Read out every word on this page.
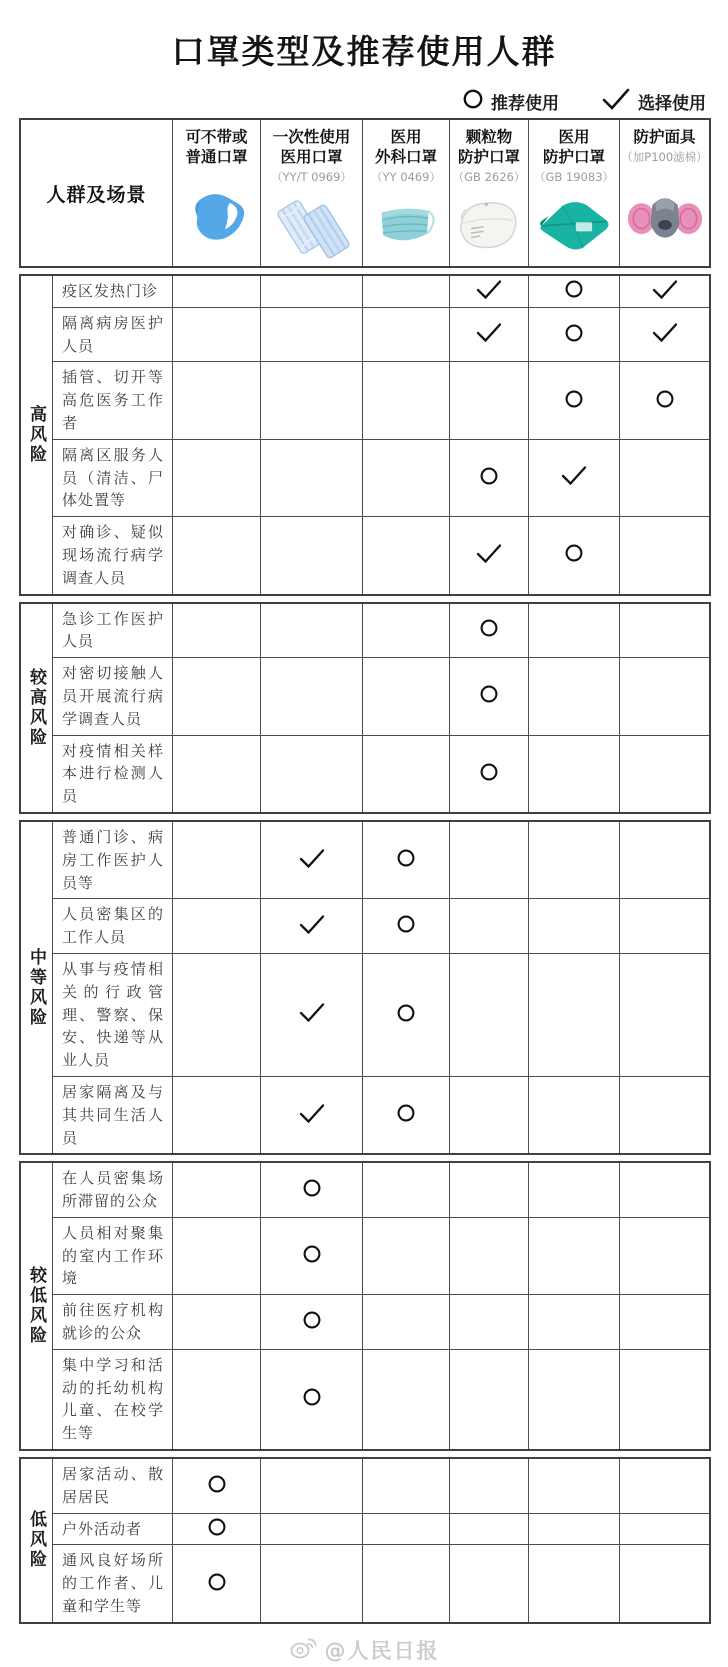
口罩类型及推荐使用人群
推荐使用	选择使用
人群及场景
可不带或
普通口罩
一次性使用
医用口罩
（YY/T 0969）
医用
外科口罩
（YY 0469）
颗粒物
防护口罩
（GB 2626）
医用
防护口罩
（GB 19083）
防护面具
（加P100滤棉）
高风险
疫区发热门诊
隔离病房医护人员
插管、切开等高危医务工作者
隔离区服务人员（清洁、尸体处置等
对确诊、疑似现场流行病学调查人员
较高风险
急诊工作医护人员
对密切接触人员开展流行病学调查人员
对疫情相关样本进行检测人员
中等风险
普通门诊、病房工作医护人员等
人员密集区的工作人员
从事与疫情相关的行政管理、警察、保安、快递等从业人员
居家隔离及与其共同生活人员
较低风险
在人员密集场所滞留的公众
人员相对聚集的室内工作环境
前往医疗机构就诊的公众
集中学习和活动的托幼机构儿童、在校学生等
低风险
居家活动、散居居民
户外活动者
通风良好场所的工作者、儿童和学生等
@人民日报
